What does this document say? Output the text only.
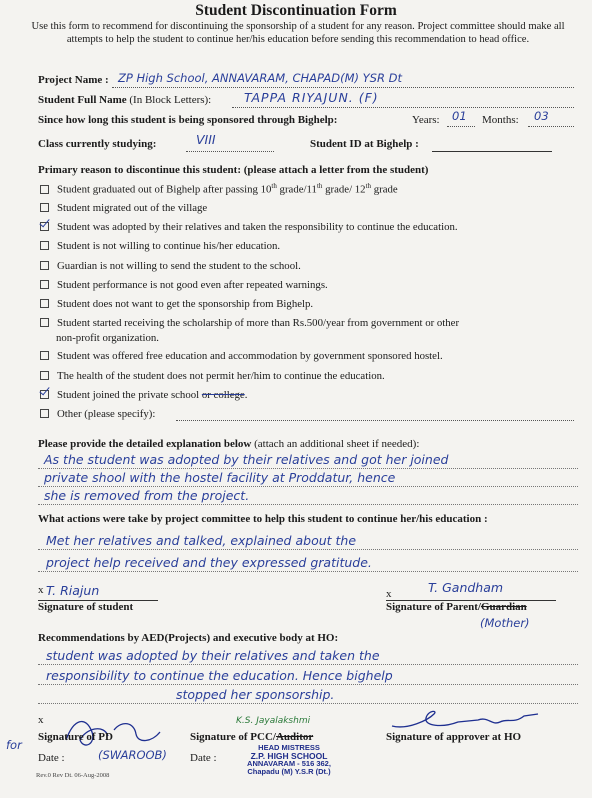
Student Discontinuation Form
Use this form to recommend for discontinuing the sponsorship of a student for any reason. Project committee should make all attempts to help the student to continue her/his education before sending this recommendation to head office.
Project Name : ZP High School, ANNAVARAM, CHAPAD(M) YSR Dt
Student Full Name (In Block Letters):	TAPPA RIYAJUN. (F)
Since how long this student is being sponsored through Bighelp:	Years: 01 Months: 03
Class currently studying:	VIII	Student ID at Bighelp :
Primary reason to discontinue this student: (please attach a letter from the student)
Student graduated out of Bighelp after passing 10th grade/11th grade/ 12th grade
Student migrated out of the village
Student was adopted by their relatives and taken the responsibility to continue the education.
Student is not willing to continue his/her education.
Guardian is not willing to send the student to the school.
Student performance is not good even after repeated warnings.
Student does not want to get the sponsorship from Bighelp.
Student started receiving the scholarship of more than Rs.500/year from government or other
non-profit organization.
Student was offered free education and accommodation by government sponsored hostel.
The health of the student does not permit her/him to continue the education.
Student joined the private school or college.
Other (please specify):
Please provide the detailed explanation below (attach an additional sheet if needed):
As the student was adopted by their relatives and got her joined
private shool with the hostel facility at Proddatur, hence
she is removed from the project.
What actions were take by project committee to help this student to continue her/his education :
Met her relatives and talked, explained about the
project help received and they expressed gratitude.
x T. Riajun
Signature of student
x	T. Gandham
Signature of Parent/Guardian
(Mother)
Recommendations by AED(Projects) and executive body at HO:
student was adopted by their relatives and taken the
responsibility to continue the education. Hence bighelp
stopped her sponsorship.
x
for
Signature of PD
(SWAROOB)
Date :
K.S. Jayalakshmi
Signature of PCC/Auditor
Date :
HEAD MISTRESS
Z.P. HIGH SCHOOL
ANNAVARAM - 516 362,
Chapadu (M) Y.S.R (Dt.)
Signature of approver at HO
Rev.0 Rev Dt. 06-Aug-2008
